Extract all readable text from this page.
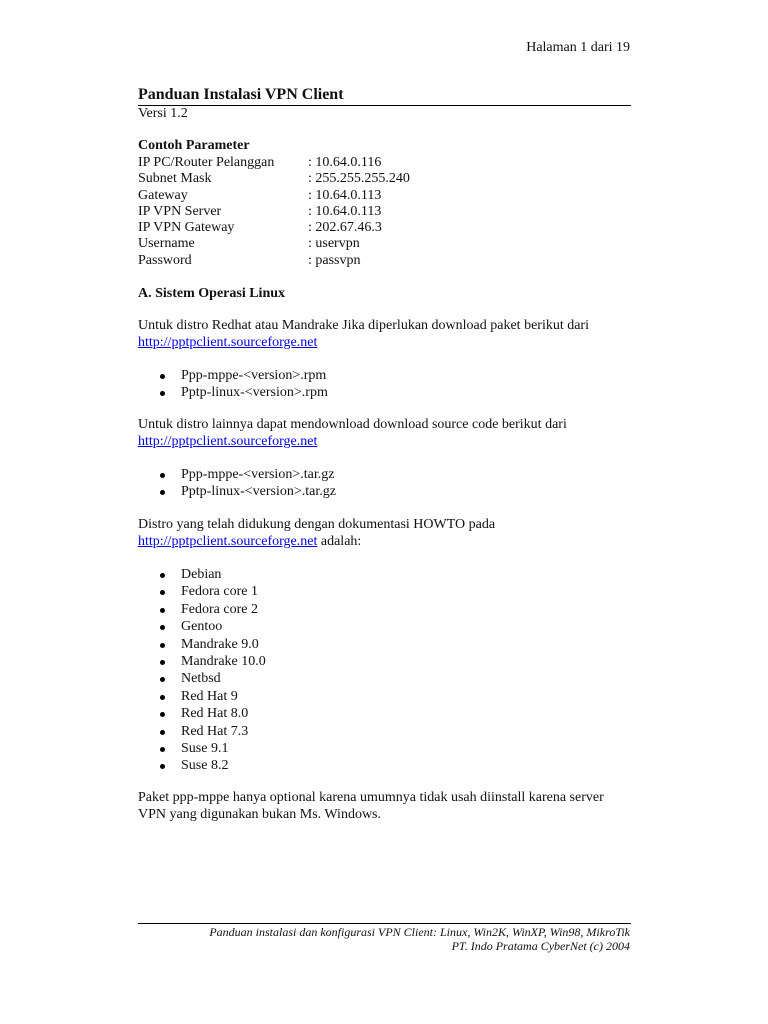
Halaman 1 dari 19
Panduan Instalasi VPN Client
Versi 1.2
Contoh Parameter
IP PC/Router Pelanggan	: 10.64.0.116
Subnet Mask	: 255.255.255.240
Gateway	: 10.64.0.113
IP VPN Server	: 10.64.0.113
IP VPN Gateway	: 202.67.46.3
Username	: uservpn
Password	: passvpn
A. Sistem Operasi Linux
Untuk distro Redhat atau Mandrake Jika diperlukan download paket berikut dari
http://pptpclient.sourceforge.net
Ppp-mppe-<version>.rpm
Pptp-linux-<version>.rpm
Untuk distro lainnya dapat mendownload download source code berikut dari
http://pptpclient.sourceforge.net
Ppp-mppe-<version>.tar.gz
Pptp-linux-<version>.tar.gz
Distro yang telah didukung dengan dokumentasi HOWTO pada
http://pptpclient.sourceforge.net adalah:
Debian
Fedora core 1
Fedora core 2
Gentoo
Mandrake 9.0
Mandrake 10.0
Netbsd
Red Hat 9
Red Hat 8.0
Red Hat 7.3
Suse 9.1
Suse 8.2
Paket ppp-mppe hanya optional karena umumnya tidak usah diinstall karena server
VPN yang digunakan bukan Ms. Windows.
Panduan instalasi dan konfigurasi VPN Client: Linux, Win2K, WinXP, Win98, MikroTik
PT. Indo Pratama CyberNet (c) 2004
